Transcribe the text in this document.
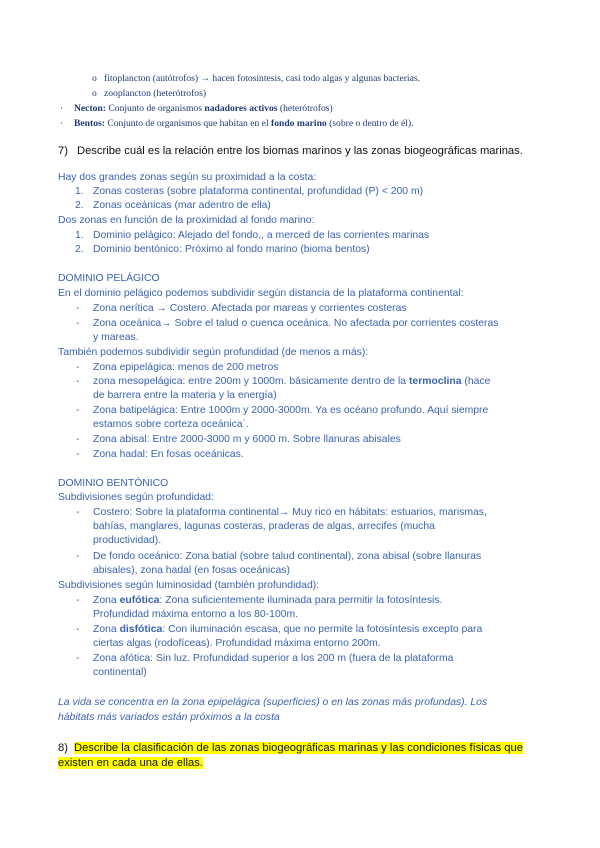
o fitoplancton (autótrofos) → hacen fotosíntesis, casi todo algas y algunas bacterias.
o zooplancton (heterótrofos)
· Necton: Conjunto de organismos nadadores activos (heterótrofos)
· Bentos: Conjunto de organismos que habitan en el fondo marino (sobre o dentro de él).
7) Describe cuál es la relación entre los biomas marinos y las zonas biogeográficas marinas.
Hay dos grandes zonas según su proximidad a la costa:
1. Zonas costeras (sobre plataforma continental, profundidad (P) < 200 m)
2. Zonas oceánicas (mar adentro de ella)
Dos zonas en función de la proximidad al fondo marino:
1. Dominio pelágico: Alejado del fondo,, a merced de las corrientes marinas
2. Dominio bentónico: Próximo al fondo marino (bioma bentos)
DOMINIO PELÁGICO
En el dominio pelágico podemos subdividir según distancia de la plataforma continental:
- Zona nerítica → Costero. Afectada por mareas y corrientes costeras
- Zona oceánica→ Sobre el talud o cuenca oceánica. No afectada por corrientes costeras
y mareas.
También podemos subdividir según profundidad (de menos a más):
- Zona epipelágica: menos de 200 metros
- zona mesopelágica: entre 200m y 1000m. básicamente dentro de la termoclina (hace
de barrera entre la materia y la energía)
- Zona batipelágica: Entre 1000m y 2000-3000m. Ya es océano profundo. Aquí siempre
estamos sobre corteza oceánica´.
- Zona abisal: Entre 2000-3000 m y 6000 m. Sobre llanuras abisales
- Zona hadal: En fosas oceánicas.
DOMINIO BENTÓNICO
Subdivisiones según profundidad:
- Costero: Sobre la plataforma continental→ Muy rico en hábitats: estuarios, marismas,
bahías, manglares, lagunas costeras, praderas de algas, arrecifes (mucha
productividad).
- De fondo oceánico: Zona batial (sobre talud continental), zona abisal (sobre llanuras
abisales), zona hadal (en fosas oceánicas)
Subdivisiones según luminosidad (también profundidad):
- Zona eufótica: Zona suficientemente iluminada para permitir la fotosíntesis.
Profundidad máxima entorno a los 80-100m.
- Zona disfótica: Con iluminación escasa, que no permite la fotosíntesis excepto para
ciertas algas (rodofíceas). Profundidad máxima entorno 200m.
- Zona afótica: Sin luz. Profundidad superior a los 200 m (fuera de la plataforma
continental)
La vida se concentra en la zona epipelágica (superficies) o en las zonas más profundas). Los
hábitats más variados están próximos a la costa
8) Describe la clasificación de las zonas biogeográficas marinas y las condiciones físicas que
existen en cada una de ellas.
